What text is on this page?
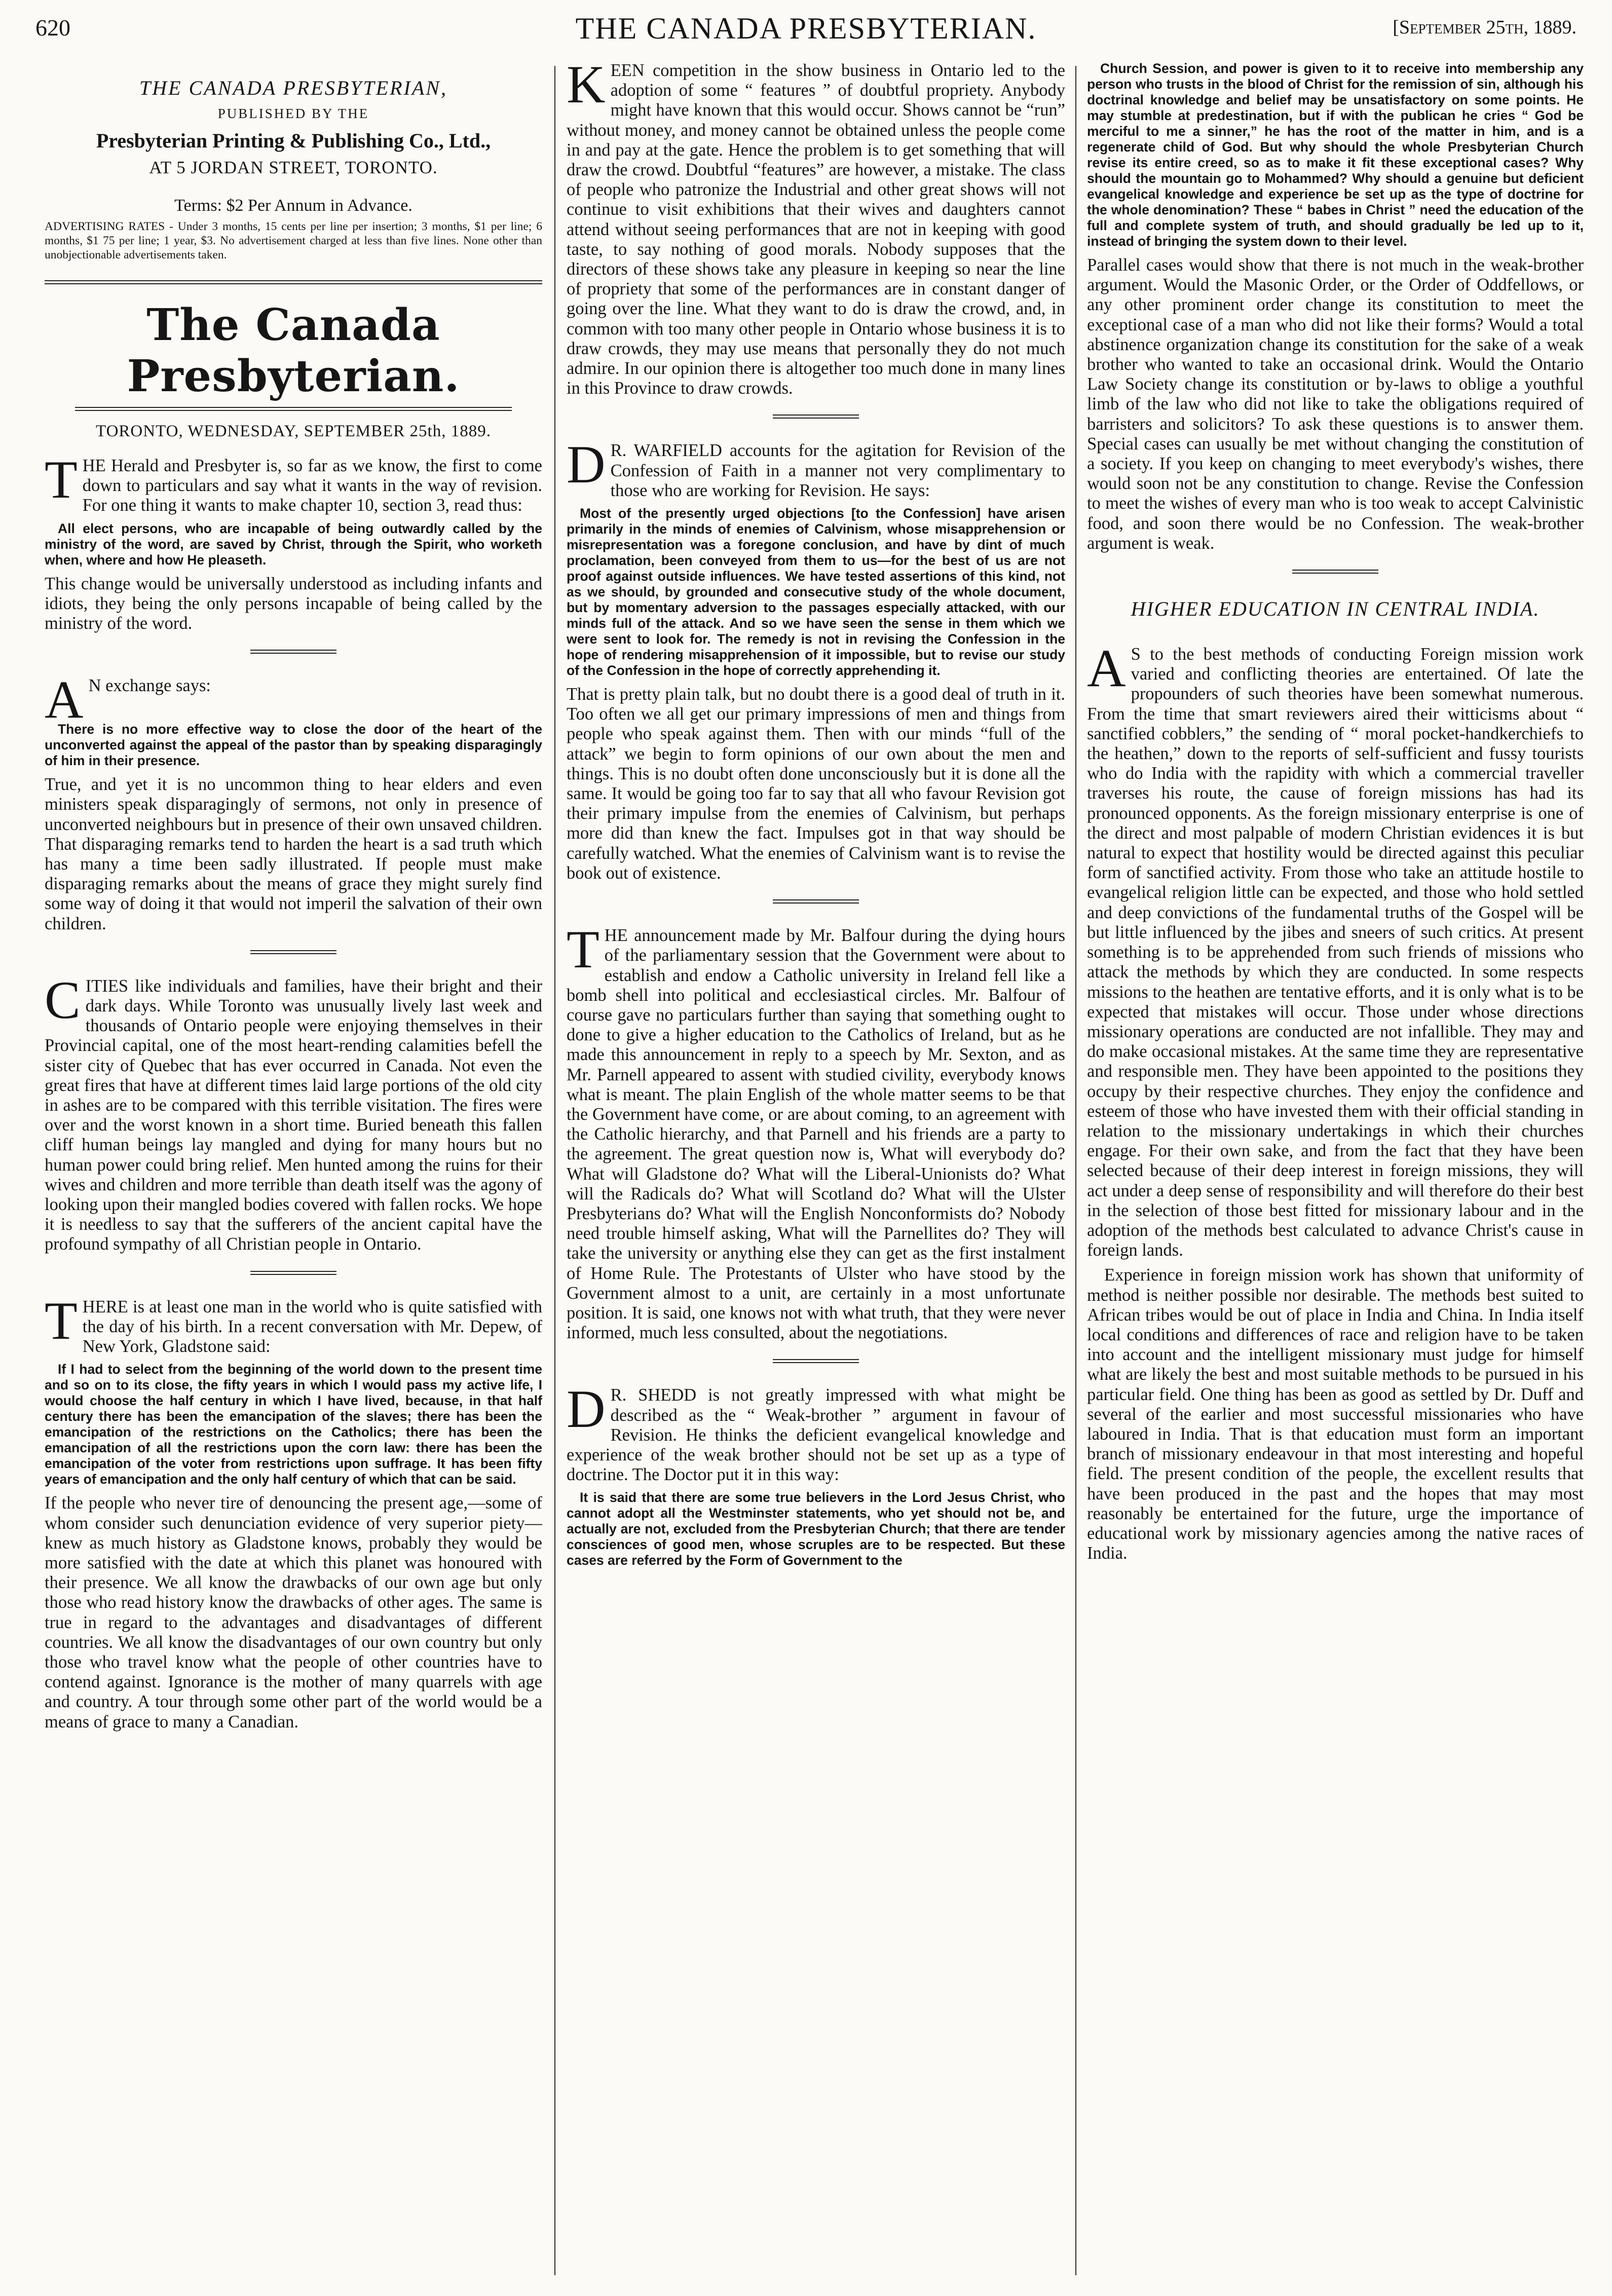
620	THE CANADA PRESBYTERIAN.	[September 25th, 1889.
THE CANADA PRESBYTERIAN,
PUBLISHED BY THE
Presbyterian Printing & Publishing Co., Ltd.,
AT 5 JORDAN STREET, TORONTO.
Terms: $2 Per Annum in Advance.
ADVERTISING RATES - Under 3 months, 15 cents per line per insertion; 3 months, $1 per line; 6 months, $1 75 per line; 1 year, $3. No advertisement charged at less than five lines. None other than unobjectionable advertisements taken.
The Canada Presbyterian.
TORONTO, WEDNESDAY, SEPTEMBER 25th, 1889.

THE Herald and Presbyter is, so far as we know, the first to come down to particulars and say what it wants in the way of revision. For one thing it wants to make chapter 10, section 3, read thus:

All elect persons, who are incapable of being outwardly called by the ministry of the word, are saved by Christ, through the Spirit, who worketh when, where and how He pleaseth.

This change would be universally understood as including infants and idiots, they being the only persons incapable of being called by the ministry of the word.

A N exchange says:

There is no more effective way to close the door of the heart of the unconverted against the appeal of the pastor than by speaking disparagingly of him in their presence.

True, and yet it is no uncommon thing to hear elders and even ministers speak disparagingly of sermons, not only in presence of unconverted neighbours but in presence of their own unsaved children. That disparaging remarks tend to harden the heart is a sad truth which has many a time been sadly illustrated. If people must make disparaging remarks about the means of grace they might surely find some way of doing it that would not imperil the salvation of their own children.

CITIES like individuals and families, have their bright and their dark days. While Toronto was unusually lively last week and thousands of Ontario people were enjoying themselves in their Provincial capital, one of the most heart-rending calamities befell the sister city of Quebec that has ever occurred in Canada. Not even the great fires that have at different times laid large portions of the old city in ashes are to be compared with this terrible visitation. The fires were over and the worst known in a short time. Buried beneath this fallen cliff human beings lay mangled and dying for many hours but no human power could bring relief. Men hunted among the ruins for their wives and children and more terrible than death itself was the agony of looking upon their mangled bodies covered with fallen rocks. We hope it is needless to say that the sufferers of the ancient capital have the profound sympathy of all Christian people in Ontario.

THERE is at least one man in the world who is quite satisfied with the day of his birth. In a recent conversation with Mr. Depew, of New York, Gladstone said:

If I had to select from the beginning of the world down to the present time and so on to its close, the fifty years in which I would pass my active life, I would choose the half century in which I have lived, because, in that half century there has been the emancipation of the slaves; there has been the emancipation of the restrictions on the Catholics; there has been the emancipation of all the restrictions upon the corn law: there has been the emancipation of the voter from restrictions upon suffrage. It has been fifty years of emancipation and the only half century of which that can be said.

If the people who never tire of denouncing the present age,—some of whom consider such denunciation evidence of very superior piety—knew as much history as Gladstone knows, probably they would be more satisfied with the date at which this planet was honoured with their presence. We all know the drawbacks of our own age but only those who read history know the drawbacks of other ages. The same is true in regard to the advantages and disadvantages of different countries. We all know the disadvantages of our own country but only those who travel know what the people of other countries have to contend against. Ignorance is the mother of many quarrels with age and country. A tour through some other part of the world would be a means of grace to many a Canadian.

KEEN competition in the show business in Ontario led to the adoption of some “ features ” of doubtful propriety. Anybody might have known that this would occur. Shows cannot be “run” without money, and money cannot be obtained unless the people come in and pay at the gate. Hence the problem is to get something that will draw the crowd. Doubtful “features” are however, a mistake. The class of people who patronize the Industrial and other great shows will not continue to visit exhibitions that their wives and daughters cannot attend without seeing performances that are not in keeping with good taste, to say nothing of good morals. Nobody supposes that the directors of these shows take any pleasure in keeping so near the line of propriety that some of the performances are in constant danger of going over the line. What they want to do is draw the crowd, and, in common with too many other people in Ontario whose business it is to draw crowds, they may use means that personally they do not much admire. In our opinion there is altogether too much done in many lines in this Province to draw crowds.

D R. WARFIELD accounts for the agitation for Revision of the Confession of Faith in a manner not very complimentary to those who are working for Revision. He says:

Most of the presently urged objections [to the Confession] have arisen primarily in the minds of enemies of Calvinism, whose misapprehension or misrepresentation was a foregone conclusion, and have by dint of much proclamation, been conveyed from them to us—for the best of us are not proof against outside influences. We have tested assertions of this kind, not as we should, by grounded and consecutive study of the whole document, but by momentary adversion to the passages especially attacked, with our minds full of the attack. And so we have seen the sense in them which we were sent to look for. The remedy is not in revising the Confession in the hope of rendering misapprehension of it impossible, but to revise our study of the Confession in the hope of correctly apprehending it.

That is pretty plain talk, but no doubt there is a good deal of truth in it. Too often we all get our primary impressions of men and things from people who speak against them. Then with our minds “full of the attack” we begin to form opinions of our own about the men and things. This is no doubt often done unconsciously but it is done all the same. It would be going too far to say that all who favour Revision got their primary impulse from the enemies of Calvinism, but perhaps more did than knew the fact. Impulses got in that way should be carefully watched. What the enemies of Calvinism want is to revise the book out of existence.

THE announcement made by Mr. Balfour during the dying hours of the parliamentary session that the Government were about to establish and endow a Catholic university in Ireland fell like a bomb shell into political and ecclesiastical circles. Mr. Balfour of course gave no particulars further than saying that something ought to done to give a higher education to the Catholics of Ireland, but as he made this announcement in reply to a speech by Mr. Sexton, and as Mr. Parnell appeared to assent with studied civility, everybody knows what is meant. The plain English of the whole matter seems to be that the Government have come, or are about coming, to an agreement with the Catholic hierarchy, and that Parnell and his friends are a party to the agreement. The great question now is, What will everybody do? What will Gladstone do? What will the Liberal-Unionists do? What will the Radicals do? What will Scotland do? What will the Ulster Presbyterians do? What will the English Nonconformists do? Nobody need trouble himself asking, What will the Parnellites do? They will take the university or anything else they can get as the first instalment of Home Rule. The Protestants of Ulster who have stood by the Government almost to a unit, are certainly in a most unfortunate position. It is said, one knows not with what truth, that they were never informed, much less consulted, about the negotiations.

D R. SHEDD is not greatly impressed with what might be described as the “ Weak-brother ” argument in favour of Revision. He thinks the deficient evangelical knowledge and experience of the weak brother should not be set up as a type of doctrine. The Doctor put it in this way:

It is said that there are some true believers in the Lord Jesus Christ, who cannot adopt all the Westminster statements, who yet should not be, and actually are not, excluded from the Presbyterian Church; that there are tender consciences of good men, whose scruples are to be respected. But these cases are referred by the Form of Government to the

Church Session, and power is given to it to receive into membership any person who trusts in the blood of Christ for the remission of sin, although his doctrinal knowledge and belief may be unsatisfactory on some points. He may stumble at predestination, but if with the publican he cries “ God be merciful to me a sinner,” he has the root of the matter in him, and is a regenerate child of God. But why should the whole Presbyterian Church revise its entire creed, so as to make it fit these exceptional cases? Why should the mountain go to Mohammed? Why should a genuine but deficient evangelical knowledge and experience be set up as the type of doctrine for the whole denomination? These “ babes in Christ ” need the education of the full and complete system of truth, and should gradually be led up to it, instead of bringing the system down to their level.

Parallel cases would show that there is not much in the weak-brother argument. Would the Masonic Order, or the Order of Oddfellows, or any other prominent order change its constitution to meet the exceptional case of a man who did not like their forms? Would a total abstinence organization change its constitution for the sake of a weak brother who wanted to take an occasional drink. Would the Ontario Law Society change its constitution or by-laws to oblige a youthful limb of the law who did not like to take the obligations required of barristers and solicitors? To ask these questions is to answer them. Special cases can usually be met without changing the constitution of a society. If you keep on changing to meet everybody's wishes, there would soon not be any constitution to change. Revise the Confession to meet the wishes of every man who is too weak to accept Calvinistic food, and soon there would be no Confession. The weak-brother argument is weak.

HIGHER EDUCATION IN CENTRAL INDIA.

A S to the best methods of conducting Foreign mission work varied and conflicting theories are entertained. Of late the propounders of such theories have been somewhat numerous. From the time that smart reviewers aired their witticisms about “ sanctified cobblers,” the sending of “ moral pocket-handkerchiefs to the heathen,” down to the reports of self-sufficient and fussy tourists who do India with the rapidity with which a commercial traveller traverses his route, the cause of foreign missions has had its pronounced opponents. As the foreign missionary enterprise is one of the direct and most palpable of modern Christian evidences it is but natural to expect that hostility would be directed against this peculiar form of sanctified activity. From those who take an attitude hostile to evangelical religion little can be expected, and those who hold settled and deep convictions of the fundamental truths of the Gospel will be but little influenced by the jibes and sneers of such critics. At present something is to be apprehended from such friends of missions who attack the methods by which they are conducted. In some respects missions to the heathen are tentative efforts, and it is only what is to be expected that mistakes will occur. Those under whose directions missionary operations are conducted are not infallible. They may and do make occasional mistakes. At the same time they are representative and responsible men. They have been appointed to the positions they occupy by their respective churches. They enjoy the confidence and esteem of those who have invested them with their official standing in relation to the missionary undertakings in which their churches engage. For their own sake, and from the fact that they have been selected because of their deep interest in foreign missions, they will act under a deep sense of responsibility and will therefore do their best in the selection of those best fitted for missionary labour and in the adoption of the methods best calculated to advance Christ's cause in foreign lands.

Experience in foreign mission work has shown that uniformity of method is neither possible nor desirable. The methods best suited to African tribes would be out of place in India and China. In India itself local conditions and differences of race and religion have to be taken into account and the intelligent missionary must judge for himself what are likely the best and most suitable methods to be pursued in his particular field. One thing has been as good as settled by Dr. Duff and several of the earlier and most successful missionaries who have laboured in India. That is that education must form an important branch of missionary endeavour in that most interesting and hopeful field. The present condition of the people, the excellent results that have been produced in the past and the hopes that may most reasonably be entertained for the future, urge the importance of educational work by missionary agencies among the native races of India.
